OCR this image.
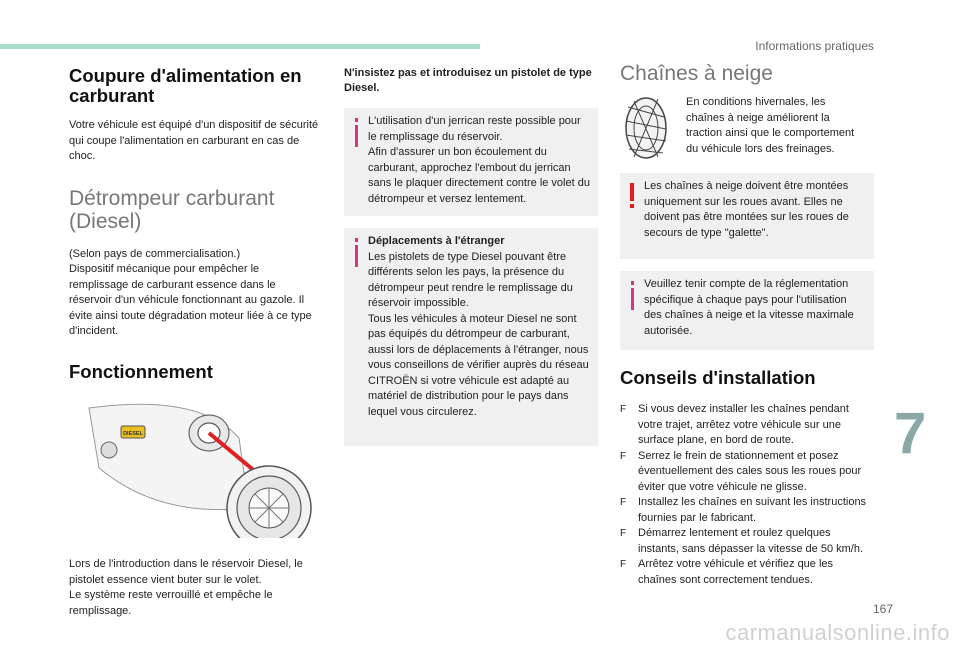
Informations pratiques
Coupure d'alimentation en carburant

Votre véhicule est équipé d'un dispositif de sécurité qui coupe l'alimentation en carburant en cas de choc.

Détrompeur carburant (Diesel)

(Selon pays de commercialisation.)

Dispositif mécanique pour empêcher le remplissage de carburant essence dans le réservoir d'un véhicule fonctionnant au gazole. Il évite ainsi toute dégradation moteur liée à ce type d'incident.

Fonctionnement
DIESEL

Lors de l'introduction dans le réservoir Diesel, le pistolet essence vient buter sur le volet.

Le système reste verrouillé et empêche le remplissage.

N'insistez pas et introduisez un pistolet de type Diesel.

L'utilisation d'un jerrican reste possible pour le remplissage du réservoir.

Afin d'assurer un bon écoulement du carburant, approchez l'embout du jerrican sans le plaquer directement contre le volet du détrompeur et versez lentement.

Déplacements à l'étranger

Les pistolets de type Diesel pouvant être différents selon les pays, la présence du détrompeur peut rendre le remplissage du réservoir impossible.

Tous les véhicules à moteur Diesel ne sont pas équipés du détrompeur de carburant, aussi lors de déplacements à l'étranger, nous vous conseillons de vérifier auprès du réseau CITROËN si votre véhicule est adapté au matériel de distribution pour le pays dans lequel vous circulerez.

Chaînes à neige

En conditions hivernales, les chaînes à neige améliorent la traction ainsi que le comportement du véhicule lors des freinages.

Les chaînes à neige doivent être montées uniquement sur les roues avant. Elles ne doivent pas être montées sur les roues de secours de type "galette".

Veuillez tenir compte de la réglementation spécifique à chaque pays pour l'utilisation des chaînes à neige et la vitesse maximale autorisée.

Conseils d'installation
F Si vous devez installer les chaînes pendant votre trajet, arrêtez votre véhicule sur une surface plane, en bord de route.
F Serrez le frein de stationnement et posez éventuellement des cales sous les roues pour éviter que votre véhicule ne glisse.
F Installez les chaînes en suivant les instructions fournies par le fabricant.
F Démarrez lentement et roulez quelques instants, sans dépasser la vitesse de 50 km/h.
F Arrêtez votre véhicule et vérifiez que les chaînes sont correctement tendues.
7
167
carmanualsonline.info
